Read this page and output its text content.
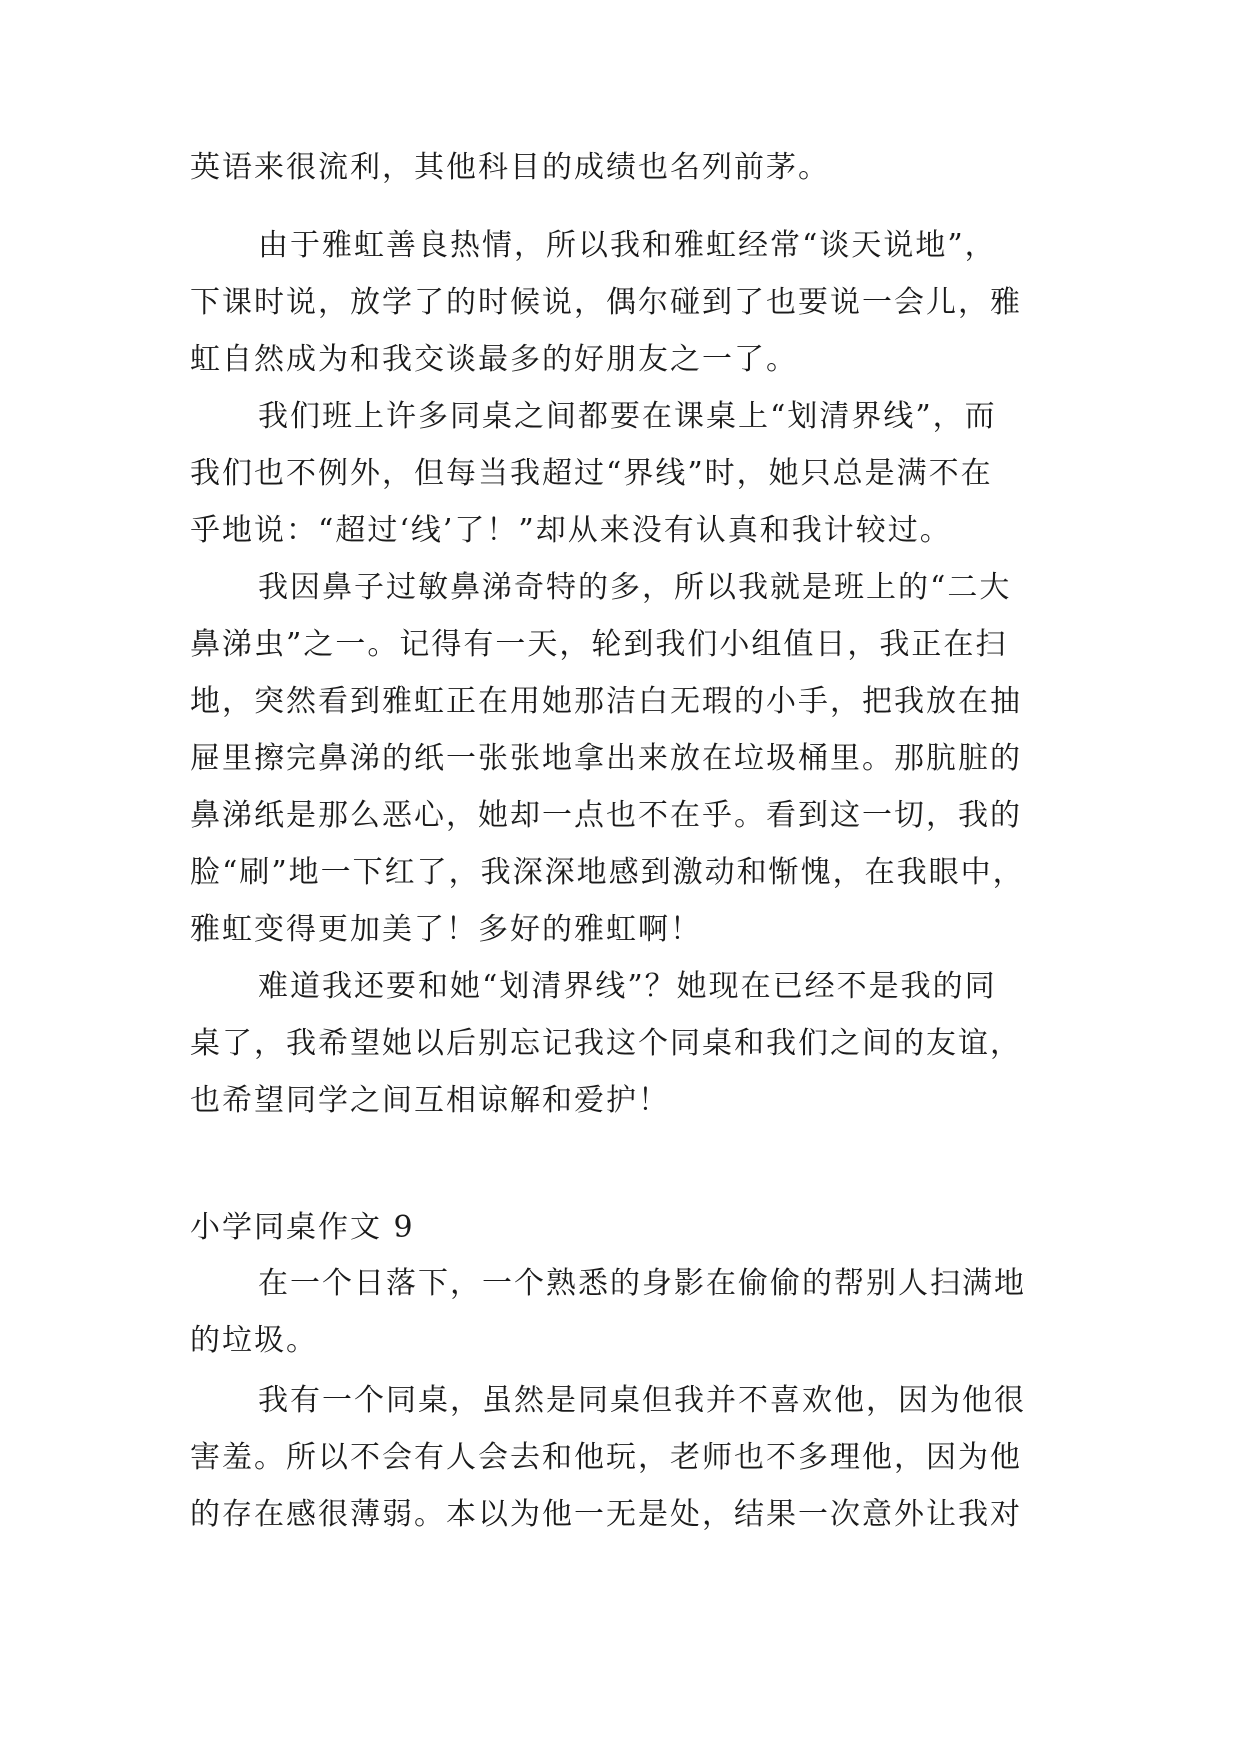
英语来很流利，其他科目的成绩也名列前茅。

由于雅虹善良热情，所以我和雅虹经常“谈天说地”，

下课时说，放学了的时候说，偶尔碰到了也要说一会儿，雅

虹自然成为和我交谈最多的好朋友之一了。

我们班上许多同桌之间都要在课桌上“划清界线”，而

我们也不例外，但每当我超过“界线”时，她只总是满不在

乎地说：“超过‘线’了！”却从来没有认真和我计较过。

我因鼻子过敏鼻涕奇特的多，所以我就是班上的“二大

鼻涕虫”之一。记得有一天，轮到我们小组值日，我正在扫

地，突然看到雅虹正在用她那洁白无瑕的小手，把我放在抽

屉里擦完鼻涕的纸一张张地拿出来放在垃圾桶里。那肮脏的

鼻涕纸是那么恶心，她却一点也不在乎。看到这一切，我的

脸“刷”地一下红了，我深深地感到激动和惭愧，在我眼中，

雅虹变得更加美了！多好的雅虹啊！

难道我还要和她“划清界线”？她现在已经不是我的同

桌了，我希望她以后别忘记我这个同桌和我们之间的友谊，

也希望同学之间互相谅解和爱护！

小学同桌作文 9

在一个日落下，一个熟悉的身影在偷偷的帮别人扫满地

的垃圾。

我有一个同桌，虽然是同桌但我并不喜欢他，因为他很

害羞。所以不会有人会去和他玩，老师也不多理他，因为他

的存在感很薄弱。本以为他一无是处，结果一次意外让我对
